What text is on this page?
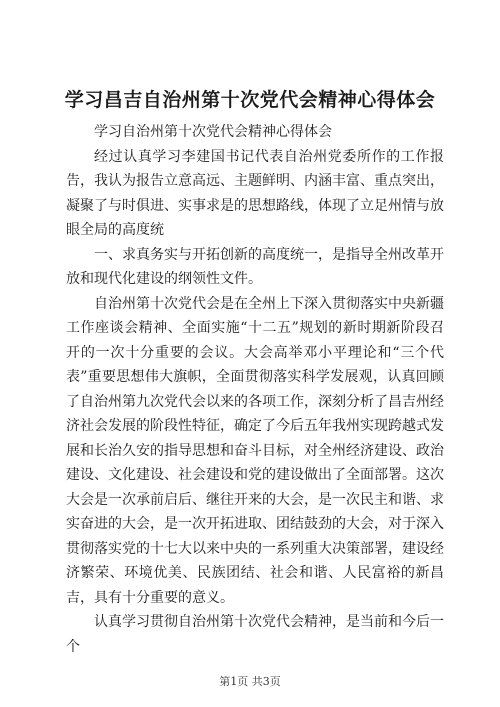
学习昌吉自治州第十次党代会精神心得体会

学习自治州第十次党代会精神心得体会

经过认真学习李建国书记代表自治州党委所作的工作报告，我认为报告立意高远、主题鲜明、内涵丰富、重点突出，凝聚了与时俱进、实事求是的思想路线，体现了立足州情与放眼全局的高度统

一、求真务实与开拓创新的高度统一，是指导全州改革开放和现代化建设的纲领性文件。

自治州第十次党代会是在全州上下深入贯彻落实中央新疆工作座谈会精神、全面实施“十二五”规划的新时期新阶段召开的一次十分重要的会议。大会高举邓小平理论和“三个代表”重要思想伟大旗帜，全面贯彻落实科学发展观，认真回顾了自治州第九次党代会以来的各项工作，深刻分析了昌吉州经济社会发展的阶段性特征，确定了今后五年我州实现跨越式发展和长治久安的指导思想和奋斗目标，对全州经济建设、政治建设、文化建设、社会建设和党的建设做出了全面部署。这次大会是一次承前启后、继往开来的大会，是一次民主和谐、求实奋进的大会，是一次开拓进取、团结鼓劲的大会，对于深入贯彻落实党的十七大以来中央的一系列重大决策部署，建设经济繁荣、环境优美、民族团结、社会和谐、人民富裕的新昌吉，具有十分重要的意义。

认真学习贯彻自治州第十次党代会精神，是当前和今后一个

第1页 共3页
